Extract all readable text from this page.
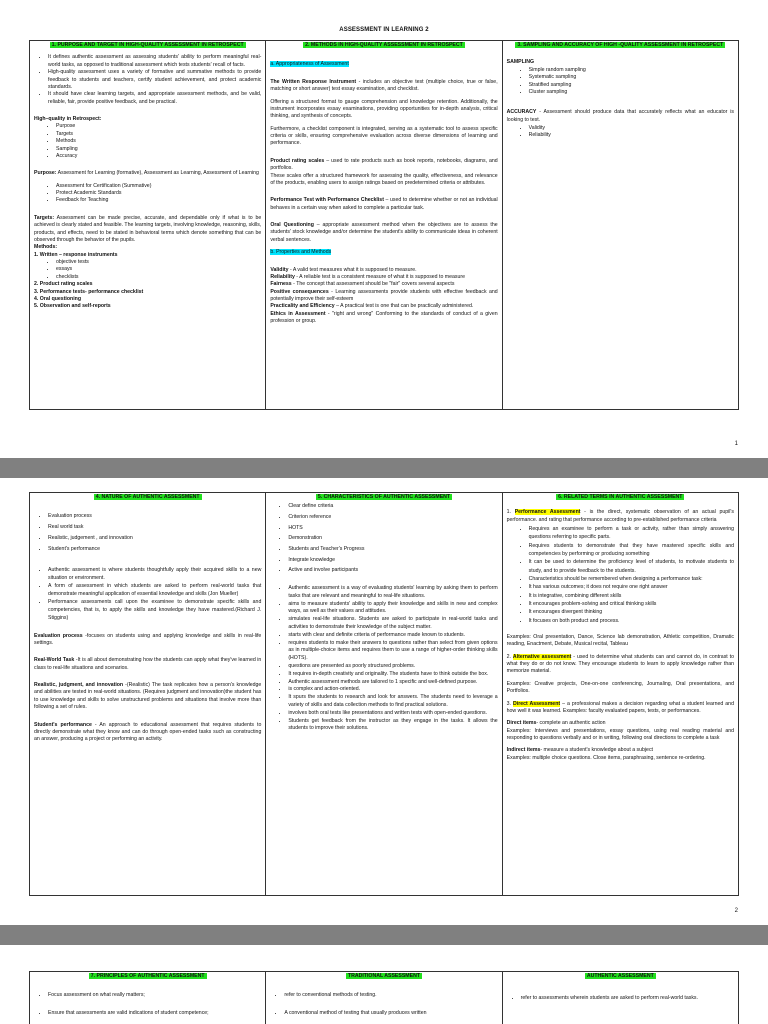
ASSESSMENT IN LEARNING 2
1. PURPOSE AND TARGET IN HIGH-QUALITY ASSESSMENT IN RETROSPECT
• It defines authentic assessment as assessing students' ability to perform meaningful real-world tasks, as opposed to traditional assessment which tests students' recall of facts.
• High-quality assessment uses a variety of formative and summative methods to provide feedback to students and teachers, certify student achievement, and protect academic standards.
• It should have clear learning targets, and appropriate assessment methods, and be valid, reliable, fair, provide positive feedback, and be practical.
High–quality in Retrospect:
• Purpose
• Targets
• Methods
• Sampling
• Accuracy

Purpose: Assessment for Learning (formative), Assessment as Learning, Assessment of Learning

• Assessment for Certification (Summative)
• Protect Academic Standards
• Feedback for Teaching

Targets: Assessment can be made precise, accurate, and dependable only if what is to be achieved is clearly stated and feasible. The learning targets, involving knowledge, reasoning, skills, products, and effects, need to be stated in behavioral terms which denote something that can be observed through the behavior of the pupils.

Methods:
1. Written – response instruments
• objective tests
• essays
• checklists
2. Product rating scales
3. Performance tests- performance checklist
4. Oral questioning
5. Observation and self-reports
2. METHODS IN HIGH-QUALITY ASSESSMENT IN RETROSPECT

a. Appropriateness of Assessment

The Written Response Instrument - includes an objective test (multiple choice, true or false, matching or short answer) test essay examination, and checklist.

Offering a structured format to gauge comprehension and knowledge retention. Additionally, the instrument incorporates essay examinations, providing opportunities for in-depth analysis, critical thinking, and synthesis of concepts.

Furthermore, a checklist component is integrated, serving as a systematic tool to assess specific criteria or skills, ensuring comprehensive evaluation across diverse dimensions of learning and performance.

Product rating scales – used to rate products such as book reports, notebooks, diagrams, and portfolios.

These scales offer a structured framework for assessing the quality, effectiveness, and relevance of the products, enabling users to assign ratings based on predetermined criteria or attributes.

Performance Test with Performance Checklist – used to determine whether or not an individual behaves in a certain way when asked to complete a particular task.

Oral Questioning – appropriate assessment method when the objectives are to assess the students' stock knowledge and/or determine the student's ability to communicate ideas in coherent verbal sentences.

b. Properties and Methods

Validity - A valid test measures what it is supposed to measure.
Reliability - A reliable test is a consistent measure of what it is supposed to measure
Fairness - The concept that assessment should be "fair" covers several aspects
Positive consequences - Learning assessments provide students with effective feedback and potentially improve their self-esteem
Practicality and Efficiency – A practical test is one that can be practically administered.
Ethics in Assessment - "right and wrong" Conforming to the standards of conduct of a given profession or group.
3. SAMPLING AND ACCURACY OF HIGH -QUALITY ASSESSMENT IN RETROSPECT
SAMPLING
• Simple random sampling
• Systematic sampling
• Stratified sampling
• Cluster sampling

ACCURACY - Assessment should produce data that accurately reflects what an educator is looking to test.

• Validity
• Reliability
1
4. NATURE OF AUTHENTIC ASSESSMENT
• Evaluation process
• Real world task
• Realistic, judgement , and innovation
• Student's performance
• Authentic assessment is where students thoughtfully apply their acquired skills to a new situation or environment.
• A form of assessment in which students are asked to perform real-world tasks that demonstrate meaningful application of essential knowledge and skills (Jon Mueller)
• Performance assessments call upon the examinee to demonstrate specific skills and competencies, that is, to apply the skills and knowledge they have mastered.(Richard J. Stiggins)

Evaluation process -focuses on students using and applying knowledge and skills in real-life settings.

Real-World Task -It is all about demonstrating how the students can apply what they've learned in class to real-life situations and scenarios.

Realistic, judgment, and innovation -(Realistic) The task replicates how a person's knowledge and abilities are tested in real-world situations. (Requires judgment and innovation)the student has to use knowledge and skills to solve unstructured problems and situations that involve more than following a set of rules.

Student's performance - An approach to educational assessment that requires students to directly demonstrate what they know and can do through open-ended tasks such as constructing an answer, producing a project or performing an activity.

5. CHARACTERISTICS OF AUTHENTIC ASSESSMENT
• Clear define criteria
• Criterion reference
• HOTS
• Demonstration
• Students and Teacher's Progress
• Integrate knowledge
• Active and involve participants
• Authentic assessment is a way of evaluating students' learning by asking them to perform tasks that are relevant and meaningful to real-life situations.
• aims to measure students' ability to apply their knowledge and skills in new and complex ways, as well as their values and attitudes.
• simulates real-life situations. Students are asked to participate in real-world tasks and activities to demonstrate their knowledge of the subject matter.
• starts with clear and definite criteria of performance made known to students.
• requires students to make their answers to questions rather than select from given options as in multiple-choice items and requires them to use a range of higher-order thinking skills (HOTS).
• questions are presented as poorly structured problems.
• It requires in-depth creativity and originality. The students have to think outside the box.
• Authentic assessment methods are tailored to 1 specific and well-defined purpose.
• is complex and action-oriented.
• It spurs the students to research and look for answers. The students need to leverage a variety of skills and data collection methods to find practical solutions.
• involves both oral tests like presentations and written tests with open-ended questions.
• Students get feedback from the instructor as they engage in the tasks. It allows the students to improve their solutions.
6. RELATED TERMS IN AUTHENTIC ASSESSMENT

1. Performance Assessment - is the direct, systematic observation of an actual pupil's performance. and rating that performance according to pre-established performance criteria

• Requires an examinee to perform a task or activity, rather than simply answering questions referring to specific parts.
• Requires students to demonstrate that they have mastered specific skills and competencies by performing or producing something
• It can be used to determine the proficiency level of students, to motivate students to study, and to provide feedback to the students.
• Characteristics should be remembered when designing a performance task:
• It has various outcomes; it does not require one right answer
• It is integrative, combining different skills
• It encourages problem-solving and critical thinking skills
• It encourages divergent thinking
• It focuses on both product and process.

Examples: Oral presentation, Dance, Science lab demonstration, Athletic competition, Dramatic reading, Enactment, Debate, Musical recital, Tableau

2. Alternative assessment - used to determine what students can and cannot do, in contrast to what they do or do not know. They encourage students to learn to apply knowledge rather than memorize material.

Examples: Creative projects, One-on-one conferencing, Journaling, Oral presentations, and Portfolios.

3. Direct Assessment – a professional makes a decision regarding what a student learned and how well it was learned. Examples: faculty evaluated papers, tests, or performances.

Direct items- complete an authentic action

Examples: Interviews and presentations, essay questions, using real reading material and responding to questions verbally and or in writing, following oral directions to complete a task

Indirect items- measure a student's knowledge about a subject

Examples: multiple choice questions. Close items, paraphrasing, sentence re-ordering.

2
7. PRINCIPLES OF AUTHENTIC ASSESSMENT
• Focus assessment on what really matters;
• Ensure that assessments are valid indications of student competence;
TRADITIONAL ASSESSMENT
• refer to conventional methods of testing.
• A conventional method of testing that usually produces written
AUTHENTIC ASSESSMENT
• refer to assessments wherein students are asked to perform real-world tasks.
